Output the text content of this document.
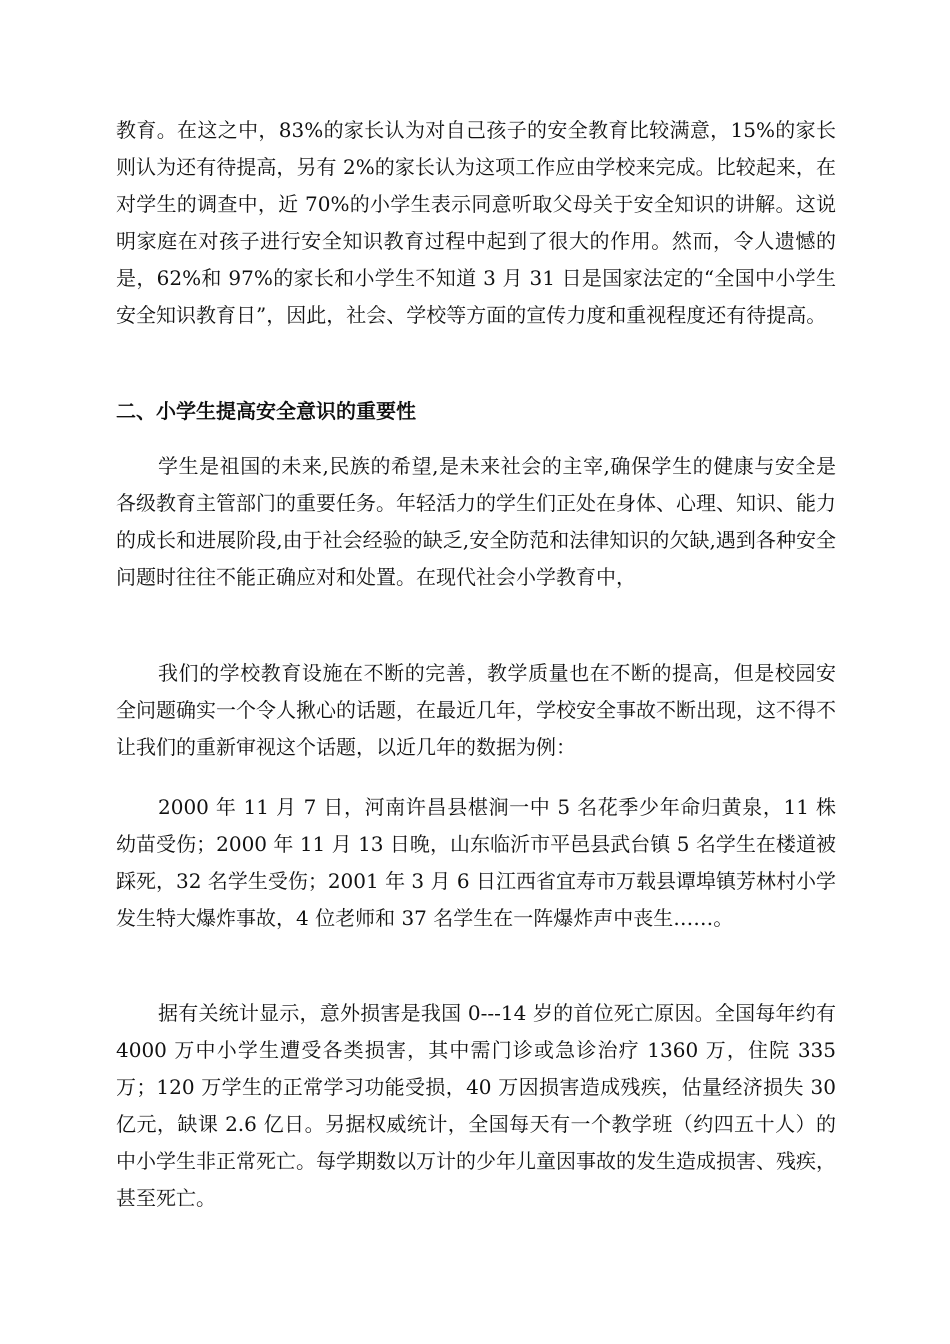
教育。在这之中，83%的家长认为对自己孩子的安全教育比较满意，15%的家长则认为还有待提高，另有 2%的家长认为这项工作应由学校来完成。比较起来，在对学生的调查中，近 70%的小学生表示同意听取父母关于安全知识的讲解。这说明家庭在对孩子进行安全知识教育过程中起到了很大的作用。然而，令人遗憾的是，62%和 97%的家长和小学生不知道 3 月 31 日是国家法定的“全国中小学生安全知识教育日”，因此，社会、学校等方面的宣传力度和重视程度还有待提高。

二、小学生提高安全意识的重要性

学生是祖国的未来,民族的希望,是未来社会的主宰,确保学生的健康与安全是各级教育主管部门的重要任务。年轻活力的学生们正处在身体、心理、知识、能力的成长和进展阶段,由于社会经验的缺乏,安全防范和法律知识的欠缺,遇到各种安全问题时往往不能正确应对和处置。在现代社会小学教育中，

我们的学校教育设施在不断的完善，教学质量也在不断的提高，但是校园安全问题确实一个令人揪心的话题，在最近几年，学校安全事故不断出现，这不得不让我们的重新审视这个话题，以近几年的数据为例：

2000 年 11 月 7 日，河南许昌县椹涧一中 5 名花季少年命归黄泉，11 株幼苗受伤；2000 年 11 月 13 日晚，山东临沂市平邑县武台镇 5 名学生在楼道被踩死，32 名学生受伤；2001 年 3 月 6 日江西省宜寿市万载县谭埠镇芳林村小学发生特大爆炸事故，4 位老师和 37 名学生在一阵爆炸声中丧生……。

据有关统计显示，意外损害是我国 0---14 岁的首位死亡原因。全国每年约有 4000 万中小学生遭受各类损害，其中需门诊或急诊治疗 1360 万，住院 335 万；120 万学生的正常学习功能受损，40 万因损害造成残疾，估量经济损失 30 亿元，缺课 2.6 亿日。另据权威统计，全国每天有一个教学班（约四五十人）的中小学生非正常死亡。每学期数以万计的少年儿童因事故的发生造成损害、残疾，甚至死亡。
